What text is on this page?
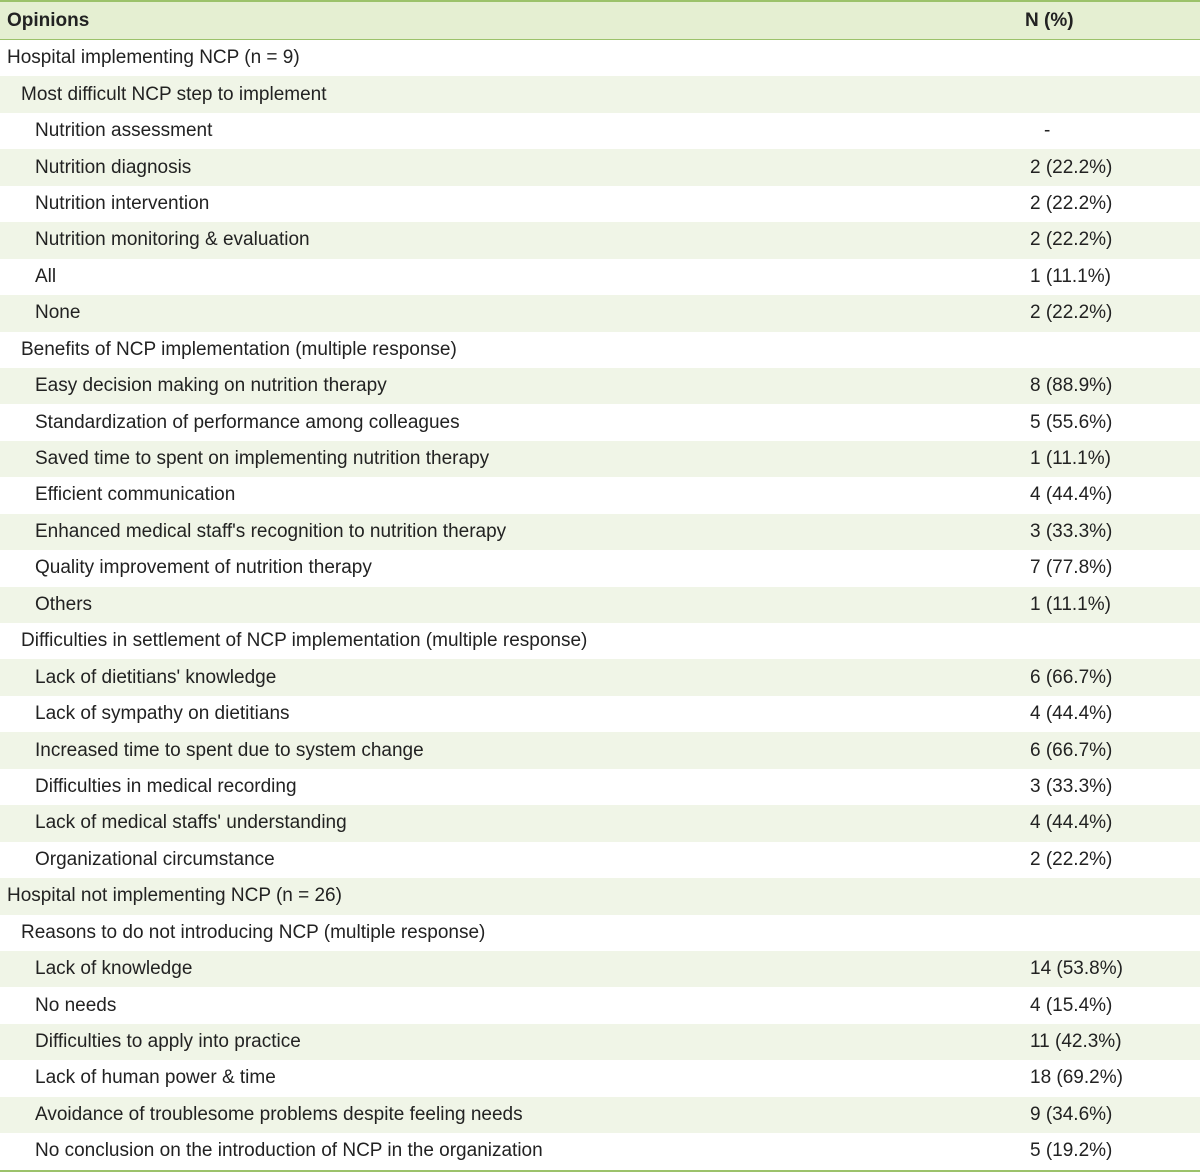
Opinions	N (%)
Hospital implementing NCP (n = 9)
Most difficult NCP step to implement
Nutrition assessment	-
Nutrition diagnosis	2 (22.2%)
Nutrition intervention	2 (22.2%)
Nutrition monitoring & evaluation	2 (22.2%)
All	1 (11.1%)
None	2 (22.2%)
Benefits of NCP implementation (multiple response)
Easy decision making on nutrition therapy	8 (88.9%)
Standardization of performance among colleagues	5 (55.6%)
Saved time to spent on implementing nutrition therapy	1 (11.1%)
Efficient communication	4 (44.4%)
Enhanced medical staff's recognition to nutrition therapy	3 (33.3%)
Quality improvement of nutrition therapy	7 (77.8%)
Others	1 (11.1%)
Difficulties in settlement of NCP implementation (multiple response)
Lack of dietitians' knowledge	6 (66.7%)
Lack of sympathy on dietitians	4 (44.4%)
Increased time to spent due to system change	6 (66.7%)
Difficulties in medical recording	3 (33.3%)
Lack of medical staffs' understanding	4 (44.4%)
Organizational circumstance	2 (22.2%)
Hospital not implementing NCP (n = 26)
Reasons to do not introducing NCP (multiple response)
Lack of knowledge	14 (53.8%)
No needs	4 (15.4%)
Difficulties to apply into practice	11 (42.3%)
Lack of human power & time	18 (69.2%)
Avoidance of troublesome problems despite feeling needs	9 (34.6%)
No conclusion on the introduction of NCP in the organization	5 (19.2%)
